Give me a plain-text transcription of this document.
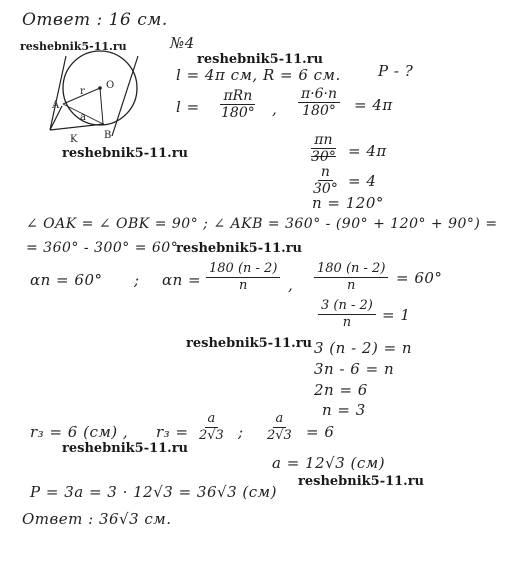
Ответ : 16 см.
reshebnik5-11.ru
reshebnik5-11.ru
reshebnik5-11.ru
reshebnik5-11.ru
reshebnik5-11.ru
reshebnik5-11.ru
reshebnik5-11.ru
O
A
B
K
r
a
№4
l = 4π см, R = 6 см. P - ?
l =
πRn
180° , $\frac{\pi\cdot 6\cdot n}{180^\circ} = 4\pi$
$\frac{\pi n}{30^\circ} = 4\pi$
$\frac{n}{30^\circ} = 4$
n = 120°
∠ OAK = ∠ OBK = 90° ; ∠ AKB = 360° - (90° + 120° + 90°) =
= 360° - 300° = 60°
αn = 60° ; $\alpha n = \frac{180 (n - 2)}{n}$ , $\frac{180 (n - 2)}{n} = 60^\circ$
$\frac{3 (n - 2)}{n} = 1$
3 (n - 2) = n
3n - 6 = n
2n = 6
n = 3
r₃ = 6 (см) , $r_3 = \frac{a}{2√3}$ ; $\frac{a}{2√3} = 6$
a = 12√3 (см)
P = 3a = 3 · 12√3 = 36√3 (см)
Ответ : 36√3 см.
